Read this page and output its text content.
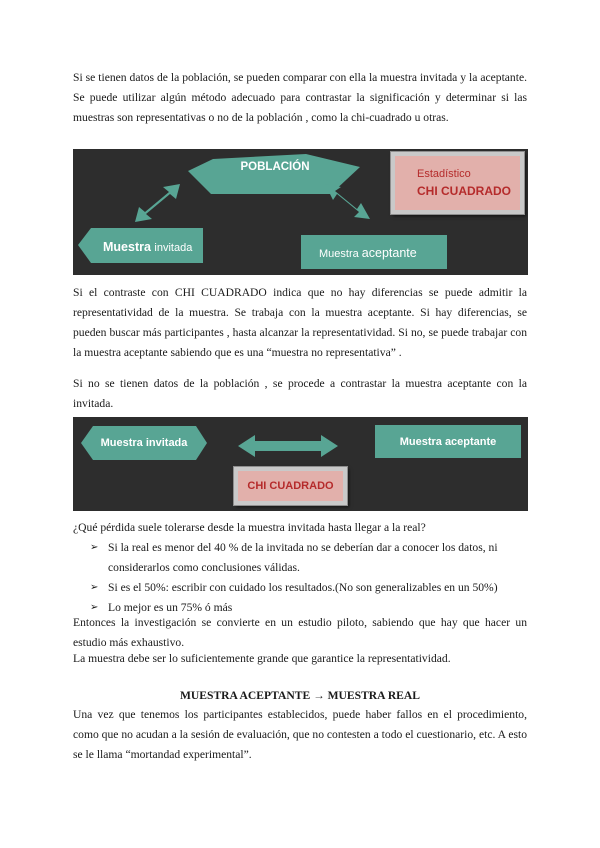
Si se tienen datos de la población, se pueden comparar con ella la muestra invitada y la aceptante. Se puede utilizar algún método adecuado para contrastar la significación y determinar si las muestras son representativas o no de la población , como la chi-cuadrado u otras.

POBLACIÓN
Muestra invitada	Muestra aceptante
Estadístico
CHI CUADRADO

Si el contraste con CHI CUADRADO indica que no hay diferencias se puede admitir la representatividad de la muestra. Se trabaja con la muestra aceptante. Si hay diferencias, se pueden buscar más participantes , hasta alcanzar la representatividad. Si no, se puede trabajar con la muestra aceptante sabiendo que es una “muestra no representativa” .

Si no se tienen datos de la población , se procede a contrastar la muestra aceptante con la invitada.

Muestra invitada	Muestra aceptante
CHI CUADRADO

¿Qué pérdida suele tolerarse desde la muestra invitada hasta llegar a la real?

➢ Si la real es menor del 40 % de la invitada no se deberían dar a conocer los datos, ni considerarlos como conclusiones válidas.
➢ Si es el 50%: escribir con cuidado los resultados.(No son generalizables en un 50%)
➢ Lo mejor es un 75% ó más

Entonces la investigación se convierte en un estudio piloto, sabiendo que hay que hacer un estudio más exhaustivo.

La muestra debe ser lo suficientemente grande que garantice la representatividad.

MUESTRA ACEPTANTE → MUESTRA REAL

Una vez que tenemos los participantes establecidos, puede haber fallos en el procedimiento, como que no acudan a la sesión de evaluación, que no contesten a todo el cuestionario, etc. A esto se le llama “mortandad experimental”.
